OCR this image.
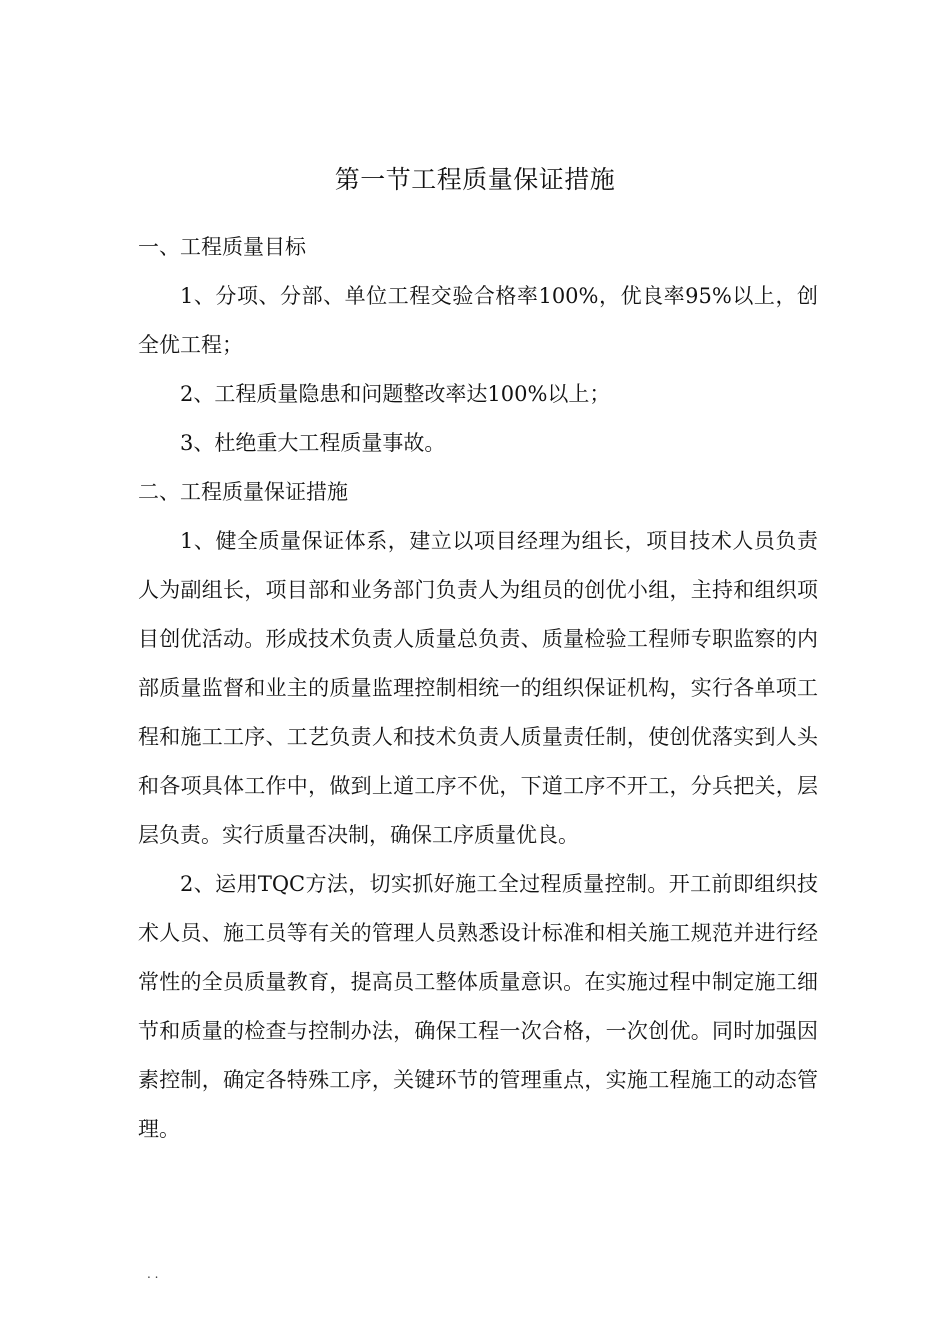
第一节工程质量保证措施

一、工程质量目标

1、分项、分部、单位工程交验合格率100%，优良率95%以上，创全优工程；

2、工程质量隐患和问题整改率达100%以上；

3、杜绝重大工程质量事故。

二、工程质量保证措施

1、健全质量保证体系，建立以项目经理为组长，项目技术人员负责人为副组长，项目部和业务部门负责人为组员的创优小组，主持和组织项目创优活动。形成技术负责人质量总负责、质量检验工程师专职监察的内部质量监督和业主的质量监理控制相统一的组织保证机构，实行各单项工程和施工工序、工艺负责人和技术负责人质量责任制，使创优落实到人头和各项具体工作中，做到上道工序不优，下道工序不开工，分兵把关，层层负责。实行质量否决制，确保工序质量优良。

2、运用TQC方法，切实抓好施工全过程质量控制。开工前即组织技术人员、施工员等有关的管理人员熟悉设计标准和相关施工规范并进行经常性的全员质量教育，提高员工整体质量意识。在实施过程中制定施工细节和质量的检查与控制办法，确保工程一次合格，一次创优。同时加强因素控制，确定各特殊工序，关键环节的管理重点，实施工程施工的动态管理。

. .
